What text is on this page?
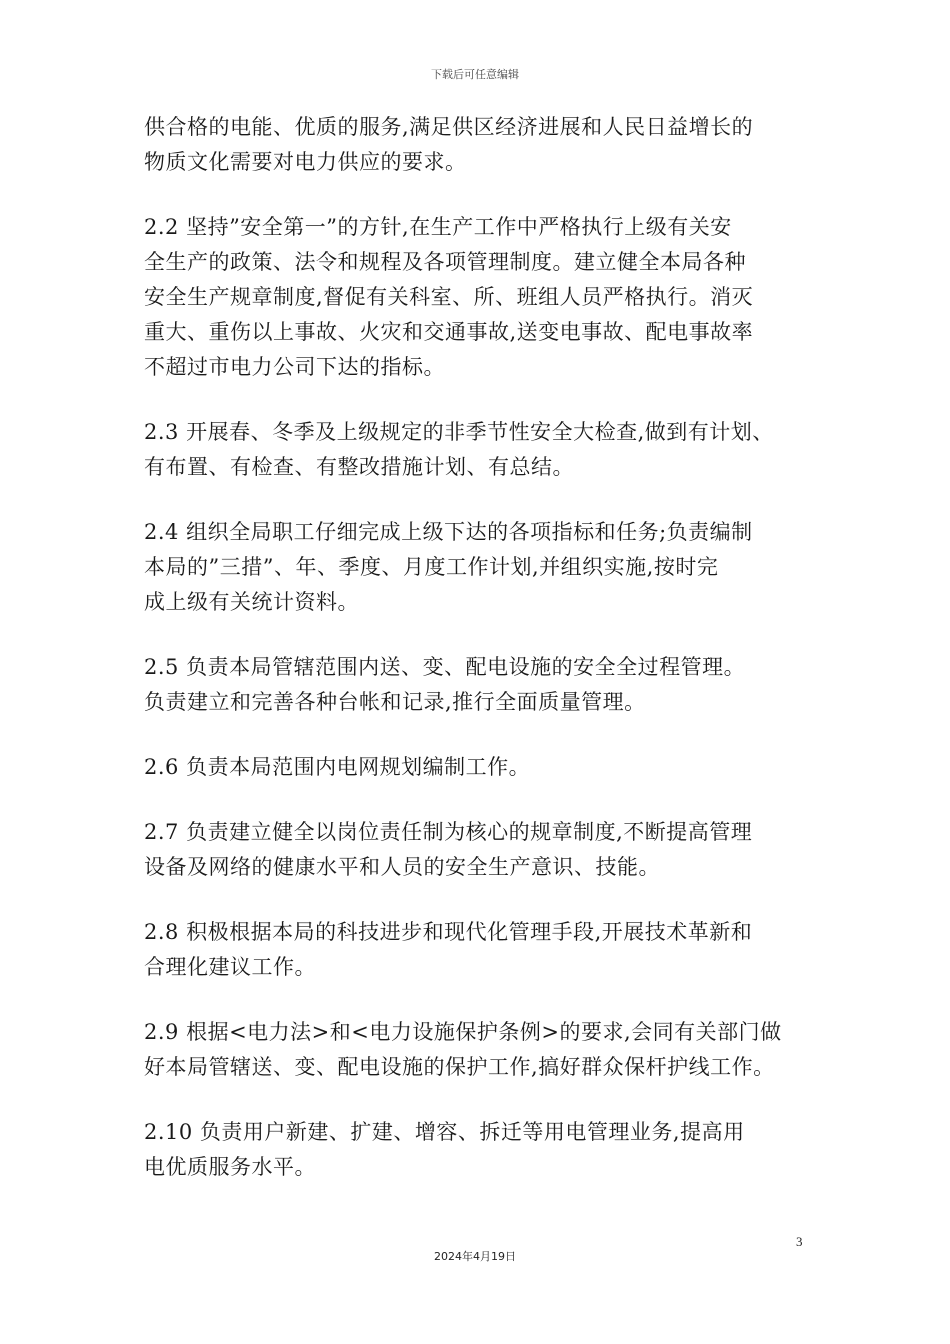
下载后可任意编辑

供合格的电能、优质的服务,满足供区经济进展和人民日益增长的
物质文化需要对电力供应的要求。

2.2 坚持”安全第一”的方针,在生产工作中严格执行上级有关安
全生产的政策、法令和规程及各项管理制度。建立健全本局各种
安全生产规章制度,督促有关科室、所、班组人员严格执行。消灭
重大、重伤以上事故、火灾和交通事故,送变电事故、配电事故率
不超过市电力公司下达的指标。

2.3 开展春、冬季及上级规定的非季节性安全大检查,做到有计划、
有布置、有检查、有整改措施计划、有总结。

2.4 组织全局职工仔细完成上级下达的各项指标和任务;负责编制
本局的”三措”、年、季度、月度工作计划,并组织实施,按时完
成上级有关统计资料。

2.5 负责本局管辖范围内送、变、配电设施的安全全过程管理。
负责建立和完善各种台帐和记录,推行全面质量管理。

2.6 负责本局范围内电网规划编制工作。

2.7 负责建立健全以岗位责任制为核心的规章制度,不断提高管理
设备及网络的健康水平和人员的安全生产意识、技能。

2.8 积极根据本局的科技进步和现代化管理手段,开展技术革新和
合理化建议工作。

2.9 根据<电力法>和<电力设施保护条例>的要求,会同有关部门做
好本局管辖送、变、配电设施的保护工作,搞好群众保杆护线工作。

2.10 负责用户新建、扩建、增容、拆迁等用电管理业务,提高用
电优质服务水平。

3
2024年4月19日
